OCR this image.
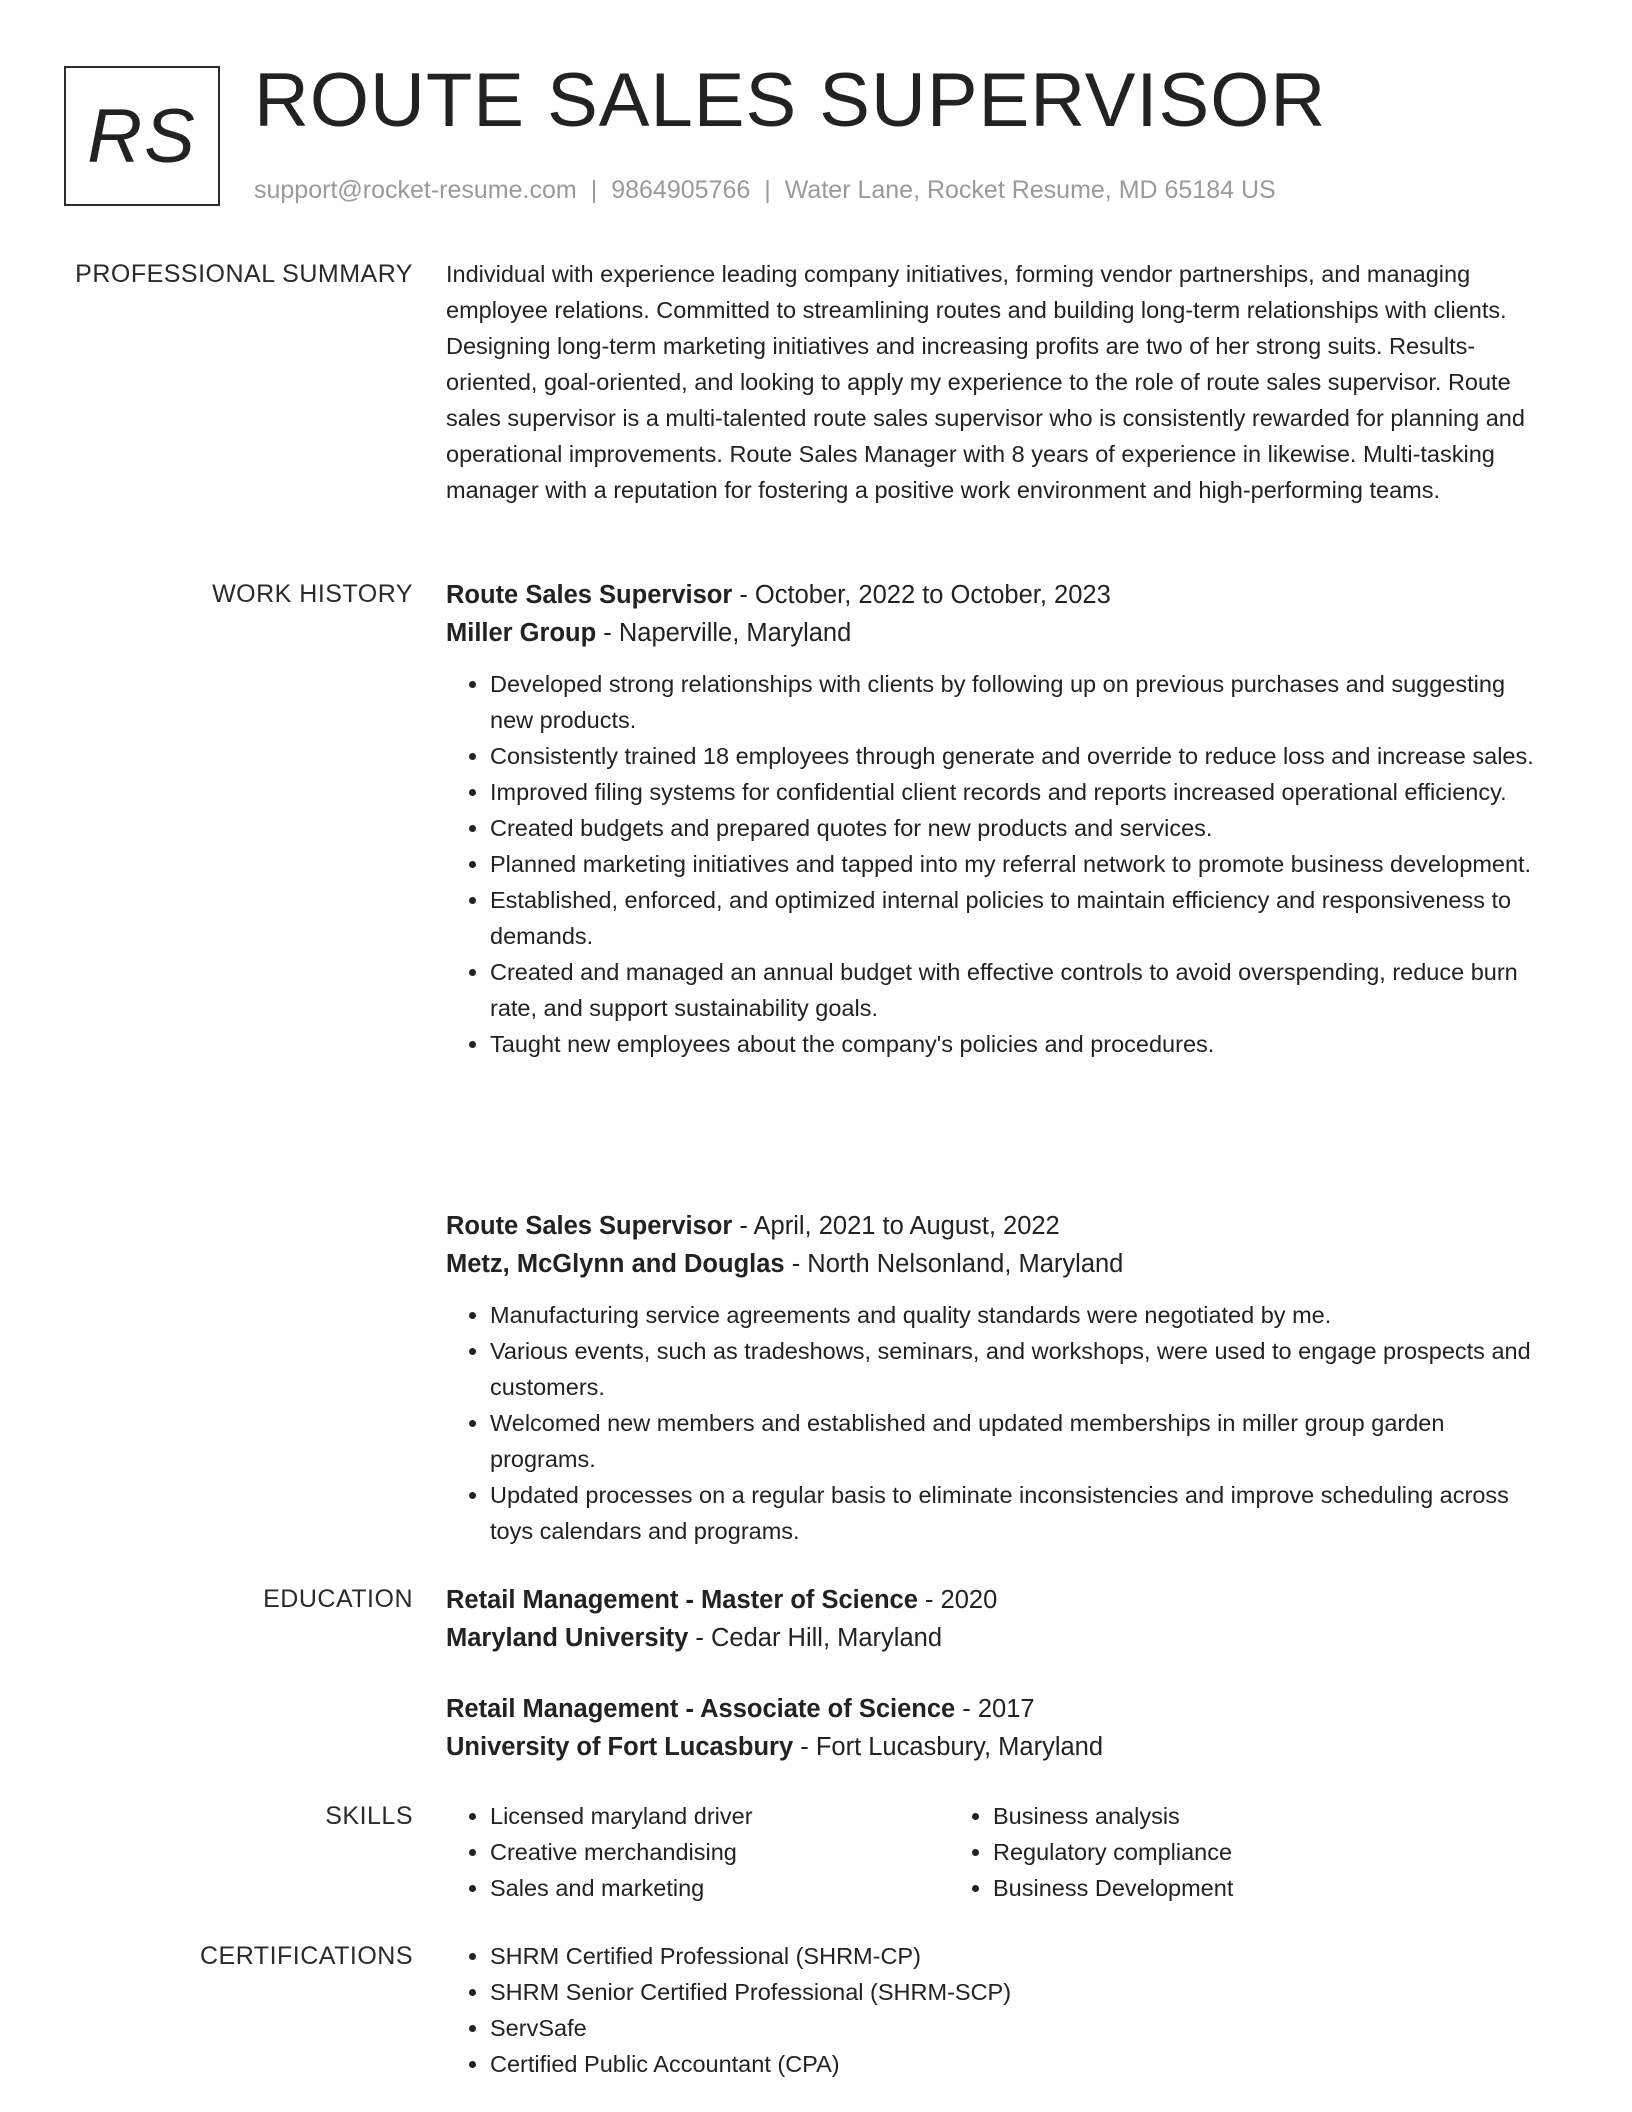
RS ROUTE SALES SUPERVISOR
support@rocket-resume.com | 9864905766 | Water Lane, Rocket Resume, MD 65184 US
PROFESSIONAL SUMMARY Individual with experience leading company initiatives, forming vendor partnerships, and managing employee relations. Committed to streamlining routes and building long-term relationships with clients. Designing long-term marketing initiatives and increasing profits are two of her strong suits. Results-oriented, goal-oriented, and looking to apply my experience to the role of route sales supervisor. Route sales supervisor is a multi-talented route sales supervisor who is consistently rewarded for planning and operational improvements. Route Sales Manager with 8 years of experience in likewise. Multi-tasking manager with a reputation for fostering a positive work environment and high-performing teams.

WORK HISTORY Route Sales Supervisor - October, 2022 to October, 2023
Miller Group - Naperville, Maryland
• Developed strong relationships with clients by following up on previous purchases and suggesting new products.
• Consistently trained 18 employees through generate and override to reduce loss and increase sales.
• Improved filing systems for confidential client records and reports increased operational efficiency.
• Created budgets and prepared quotes for new products and services.
• Planned marketing initiatives and tapped into my referral network to promote business development.
• Established, enforced, and optimized internal policies to maintain efficiency and responsiveness to demands.
• Created and managed an annual budget with effective controls to avoid overspending, reduce burn rate, and support sustainability goals.
• Taught new employees about the company's policies and procedures.
Route Sales Supervisor - April, 2021 to August, 2022
Metz, McGlynn and Douglas - North Nelsonland, Maryland
• Manufacturing service agreements and quality standards were negotiated by me.
• Various events, such as tradeshows, seminars, and workshops, were used to engage prospects and customers.
• Welcomed new members and established and updated memberships in miller group garden programs.
• Updated processes on a regular basis to eliminate inconsistencies and improve scheduling across toys calendars and programs.
EDUCATION Retail Management - Master of Science - 2020
Maryland University - Cedar Hill, Maryland
Retail Management - Associate of Science - 2017
University of Fort Lucasbury - Fort Lucasbury, Maryland
SKILLS	• Licensed maryland driver
• Creative merchandising
• Sales and marketing
• Business analysis
• Regulatory compliance
• Business Development
CERTIFICATIONS	• SHRM Certified Professional (SHRM-CP)
• SHRM Senior Certified Professional (SHRM-SCP)
• ServSafe
• Certified Public Accountant (CPA)
